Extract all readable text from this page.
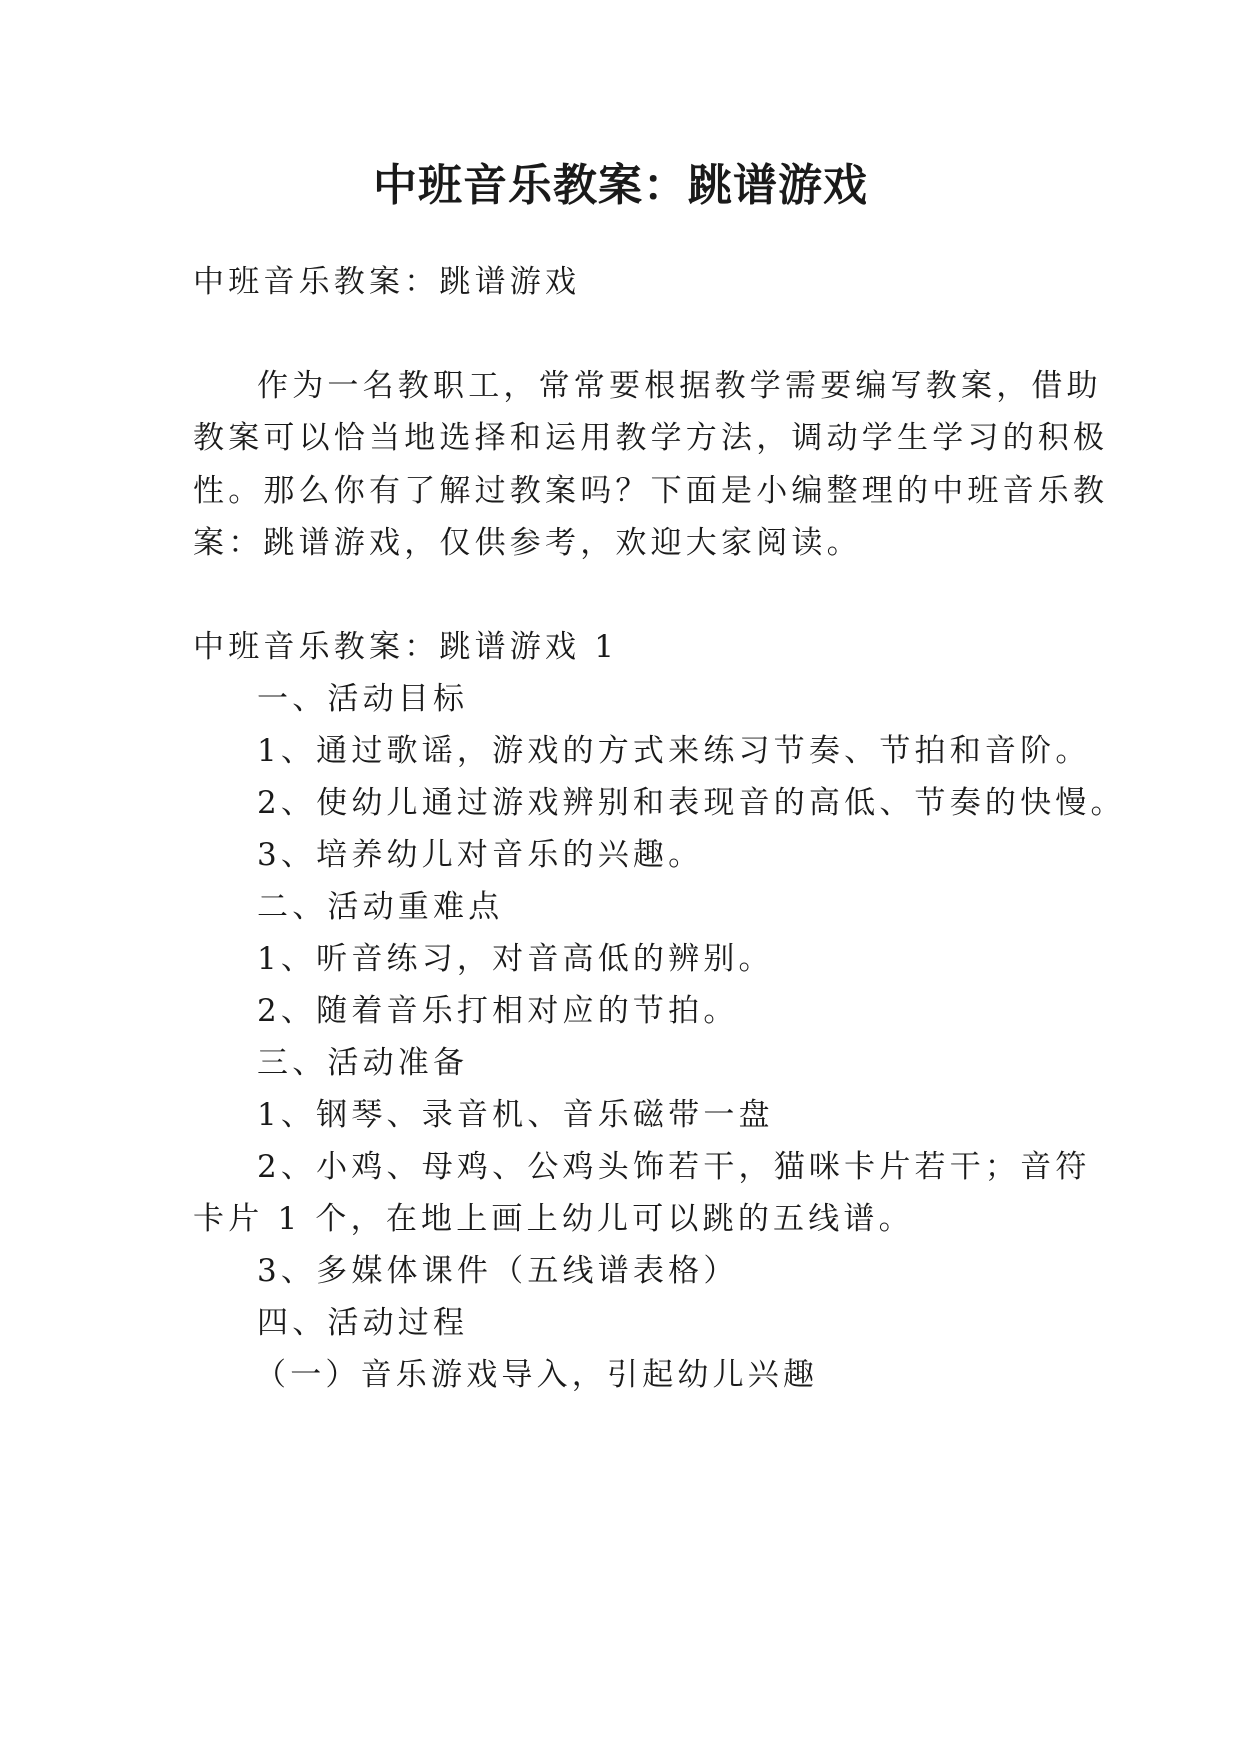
中班音乐教案：跳谱游戏
中班音乐教案：跳谱游戏
作为一名教职工，常常要根据教学需要编写教案，借助
教案可以恰当地选择和运用教学方法，调动学生学习的积极
性。那么你有了解过教案吗？下面是小编整理的中班音乐教
案：跳谱游戏，仅供参考，欢迎大家阅读。
中班音乐教案：跳谱游戏 1
一、活动目标
1、通过歌谣，游戏的方式来练习节奏、节拍和音阶。
2、使幼儿通过游戏辨别和表现音的高低、节奏的快慢。
3、培养幼儿对音乐的兴趣。
二、活动重难点
1、听音练习，对音高低的辨别。
2、随着音乐打相对应的节拍。
三、活动准备
1、钢琴、录音机、音乐磁带一盘
2、小鸡、母鸡、公鸡头饰若干，猫咪卡片若干；音符
卡片 1 个，在地上画上幼儿可以跳的五线谱。
3、多媒体课件（五线谱表格）
四、活动过程
（一）音乐游戏导入，引起幼儿兴趣
